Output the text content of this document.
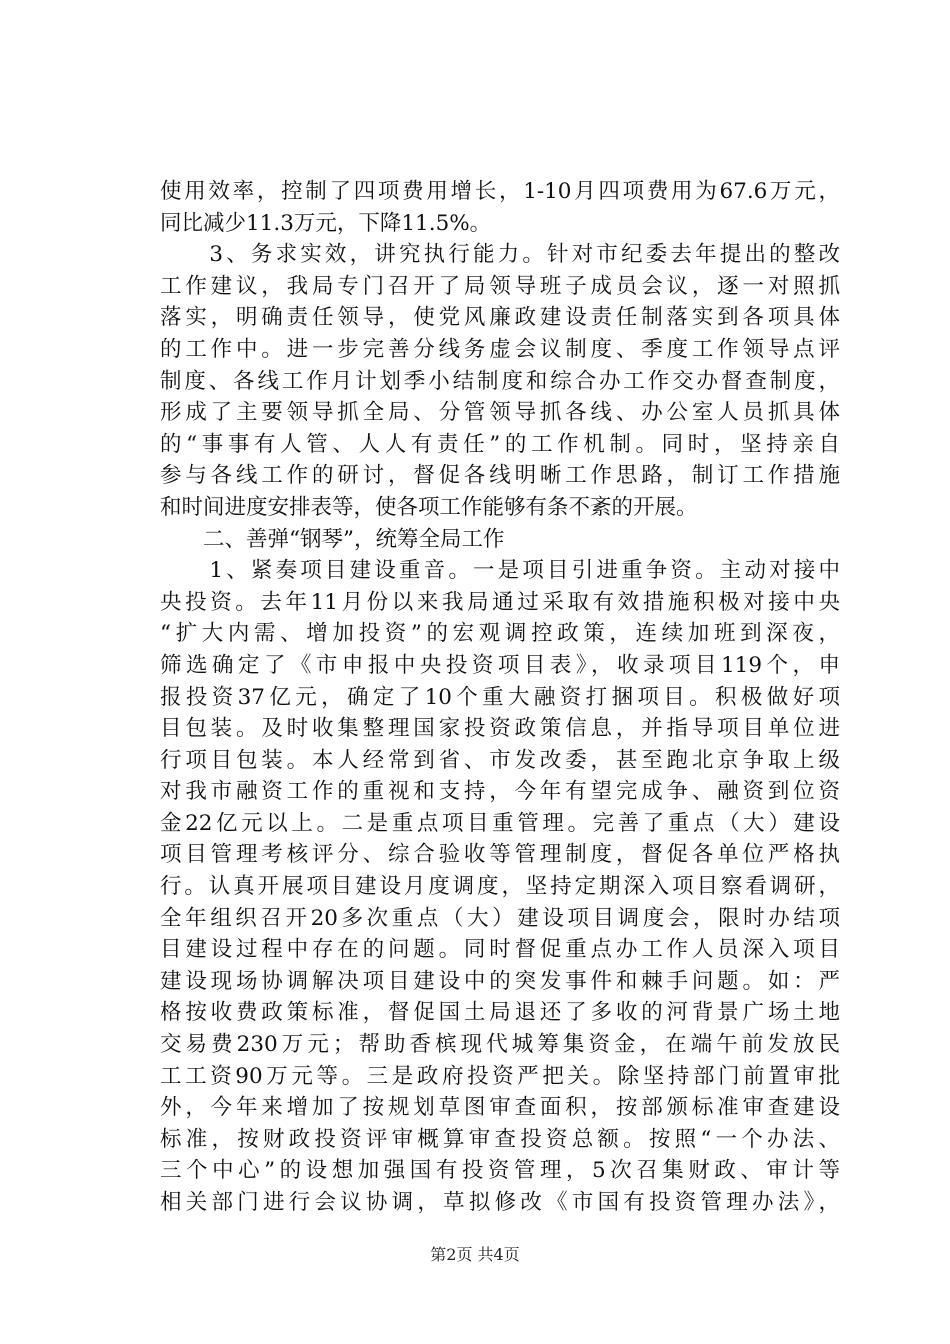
使用效率，控制了四项费用增长，1-10月四项费用为67.6万元，
同比减少11.3万元，下降11.5%。
　　3、务求实效，讲究执行能力。针对市纪委去年提出的整改
工作建议，我局专门召开了局领导班子成员会议，逐一对照抓
落实，明确责任领导，使党风廉政建设责任制落实到各项具体
的工作中。进一步完善分线务虚会议制度、季度工作领导点评
制度、各线工作月计划季小结制度和综合办工作交办督查制度，
形成了主要领导抓全局、分管领导抓各线、办公室人员抓具体
的“事事有人管、人人有责任”的工作机制。同时，坚持亲自
参与各线工作的研讨，督促各线明晰工作思路，制订工作措施
和时间进度安排表等，使各项工作能够有条不紊的开展。
　　二、善弹“钢琴”，统筹全局工作
　　1、紧奏项目建设重音。一是项目引进重争资。主动对接中
央投资。去年11月份以来我局通过采取有效措施积极对接中央
“扩大内需、增加投资”的宏观调控政策，连续加班到深夜，
筛选确定了《市申报中央投资项目表》，收录项目119个，申
报投资37亿元，确定了10个重大融资打捆项目。积极做好项
目包装。及时收集整理国家投资政策信息，并指导项目单位进
行项目包装。本人经常到省、市发改委，甚至跑北京争取上级
对我市融资工作的重视和支持，今年有望完成争、融资到位资
金22亿元以上。二是重点项目重管理。完善了重点（大）建设
项目管理考核评分、综合验收等管理制度，督促各单位严格执
行。认真开展项目建设月度调度，坚持定期深入项目察看调研，
全年组织召开20多次重点（大）建设项目调度会，限时办结项
目建设过程中存在的问题。同时督促重点办工作人员深入项目
建设现场协调解决项目建设中的突发事件和棘手问题。如：严
格按收费政策标准，督促国土局退还了多收的河背景广场土地
交易费230万元；帮助香槟现代城筹集资金，在端午前发放民
工工资90万元等。三是政府投资严把关。除坚持部门前置审批
外，今年来增加了按规划草图审查面积，按部颁标准审查建设
标准，按财政投资评审概算审查投资总额。按照“一个办法、
三个中心”的设想加强国有投资管理，5次召集财政、审计等
相关部门进行会议协调，草拟修改《市国有投资管理办法》，
第2页 共4页
